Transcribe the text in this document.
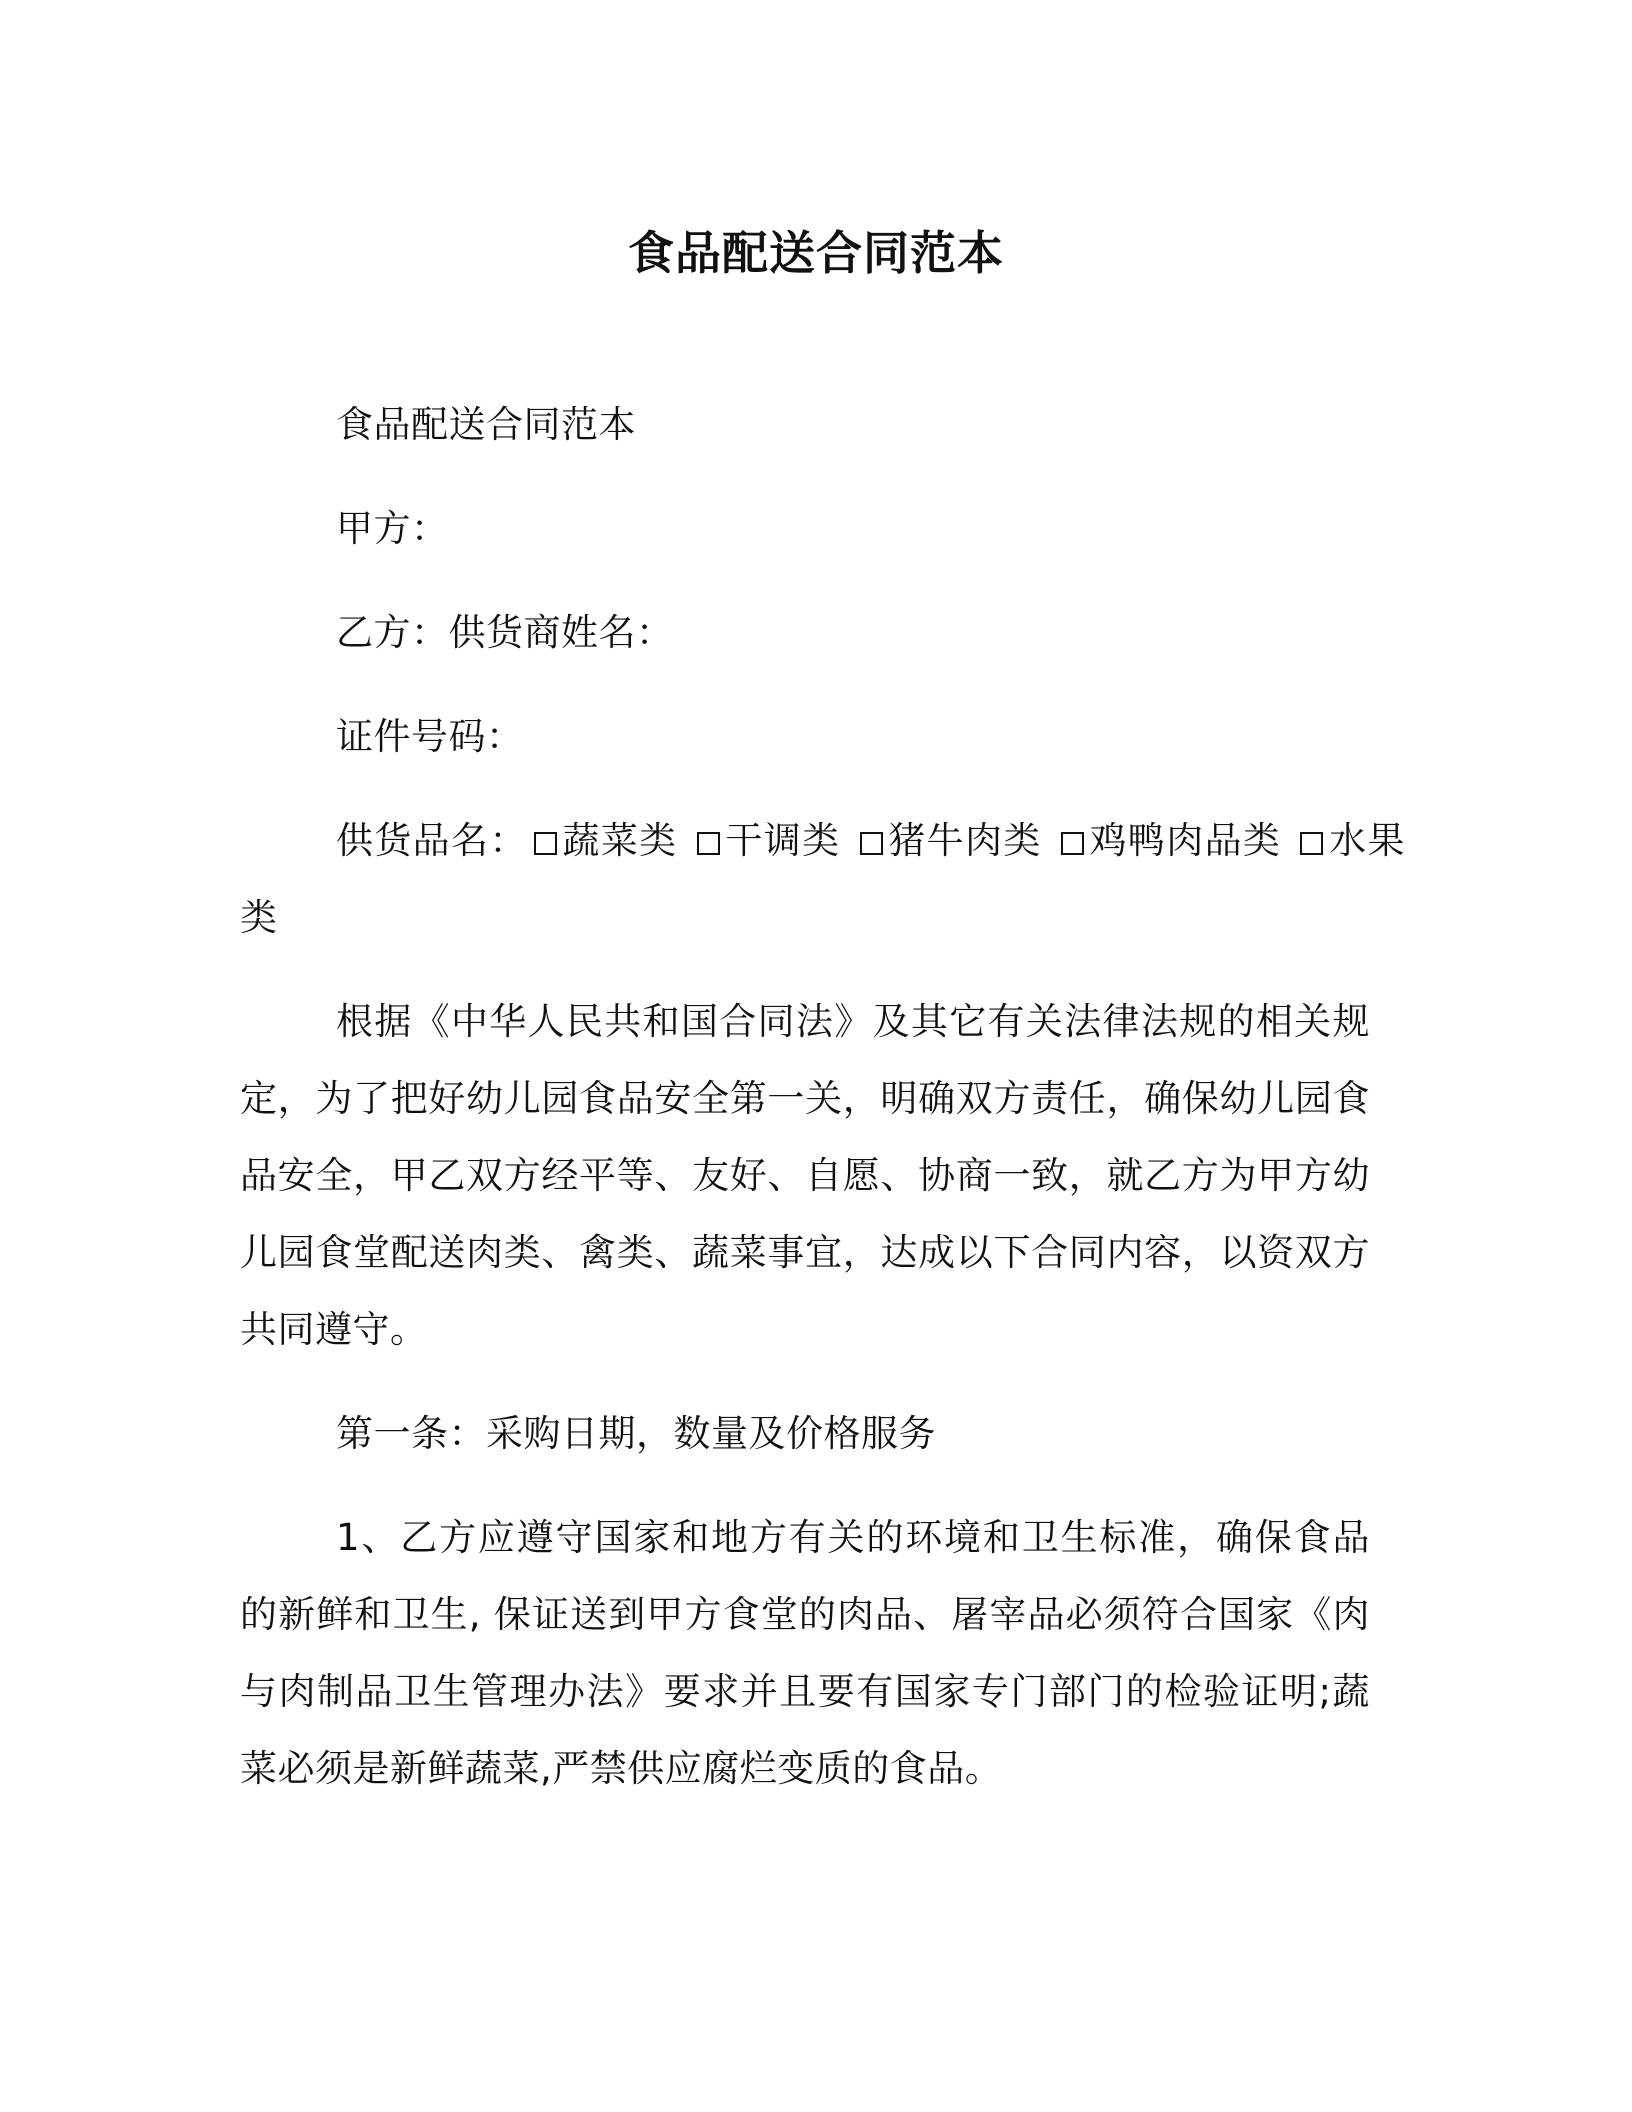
食品配送合同范本

食品配送合同范本

甲方：

乙方：供货商姓名：

证件号码：

供货品名： 蔬菜类 干调类 猪牛肉类 鸡鸭肉品类 水果类

根据《中华人民共和国合同法》及其它有关法律法规的相关规定，为了把好幼儿园食品安全第一关，明确双方责任，确保幼儿园食品安全，甲乙双方经平等、友好、自愿、协商一致，就乙方为甲方幼儿园食堂配送肉类、禽类、蔬菜事宜，达成以下合同内容，以资双方共同遵守。

第一条：采购日期，数量及价格服务

1、乙方应遵守国家和地方有关的环境和卫生标准，确保食品的新鲜和卫生, 保证送到甲方食堂的肉品、屠宰品必须符合国家《肉与肉制品卫生管理办法》要求并且要有国家专门部门的检验证明;蔬菜必须是新鲜蔬菜,严禁供应腐烂变质的食品。
